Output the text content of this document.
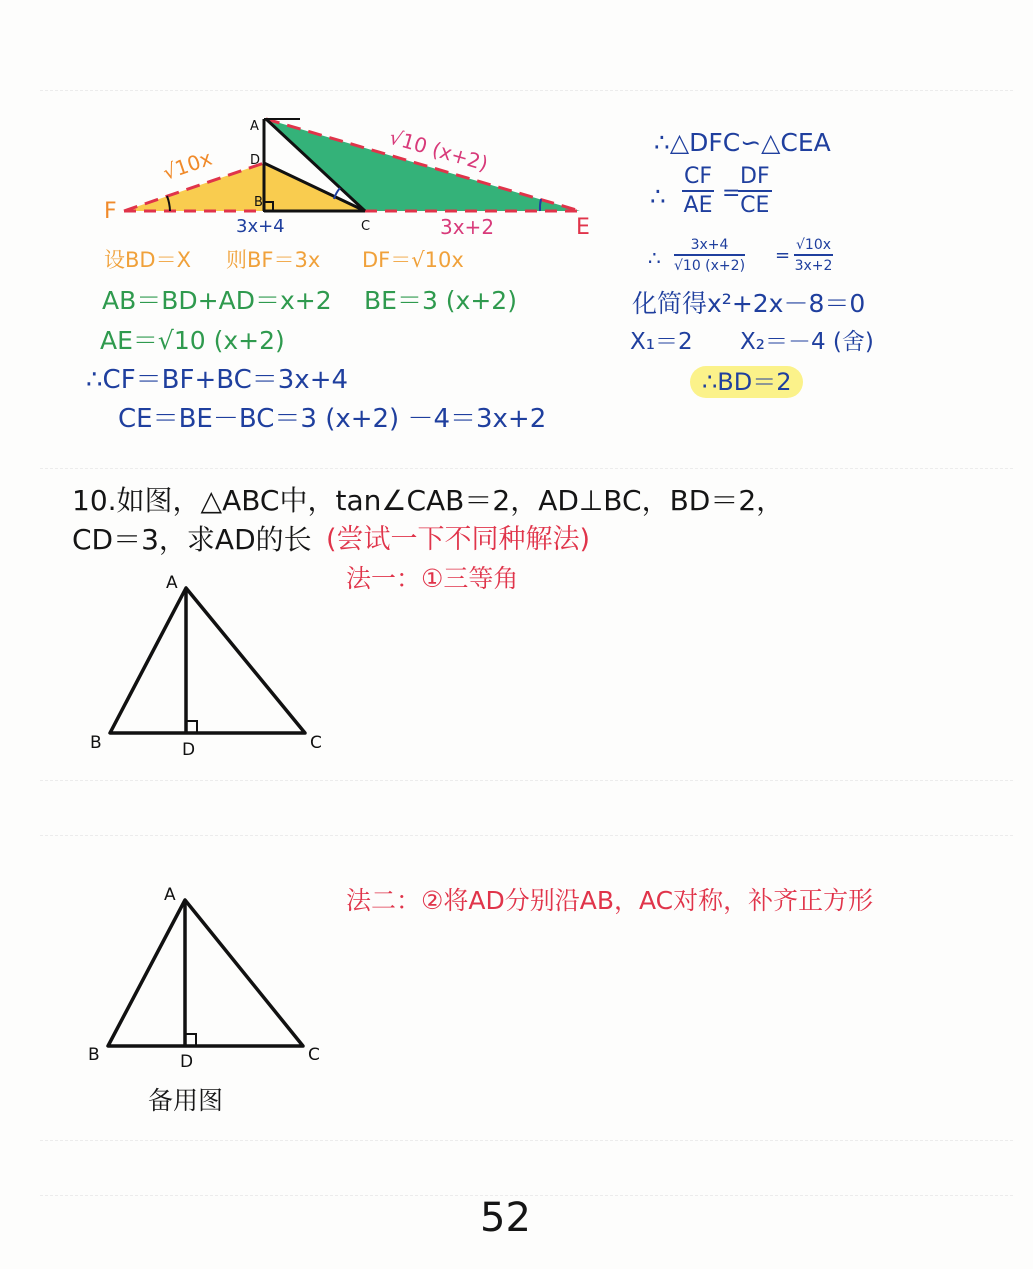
A
D
B
F
C	E
√10x	√10 (x+2)
3x+4	3x+2
设BD＝X 则BF＝3x DF＝√10x
AB＝BD+AD＝x+2 BE＝3 (x+2)
AE＝√10 (x+2)
∴CF＝BF+BC＝3x+4
CE＝BE－BC＝3 (x+2) －4＝3x+2
∴△DFC∽△CEA
∴ $\frac{CF}{AE}$ =
$\frac{DF}{CE}$
∴ $\frac{3x+4}{√10 (x+2)} = \frac{√10x}{3x+2}$
化简得x²+2x－8＝0
X₁＝2 X₂＝－4 (舍)
∴BD＝2
10.如图，△ABC中，tan∠CAB＝2，AD⊥BC，BD＝2，
CD＝3，求AD的长 (尝试一下不同种解法)
法一：①三等角
A
B	C
D
法二：②将AD分别沿AB，AC对称，补齐正方形
A
B	C
D
备用图
52
